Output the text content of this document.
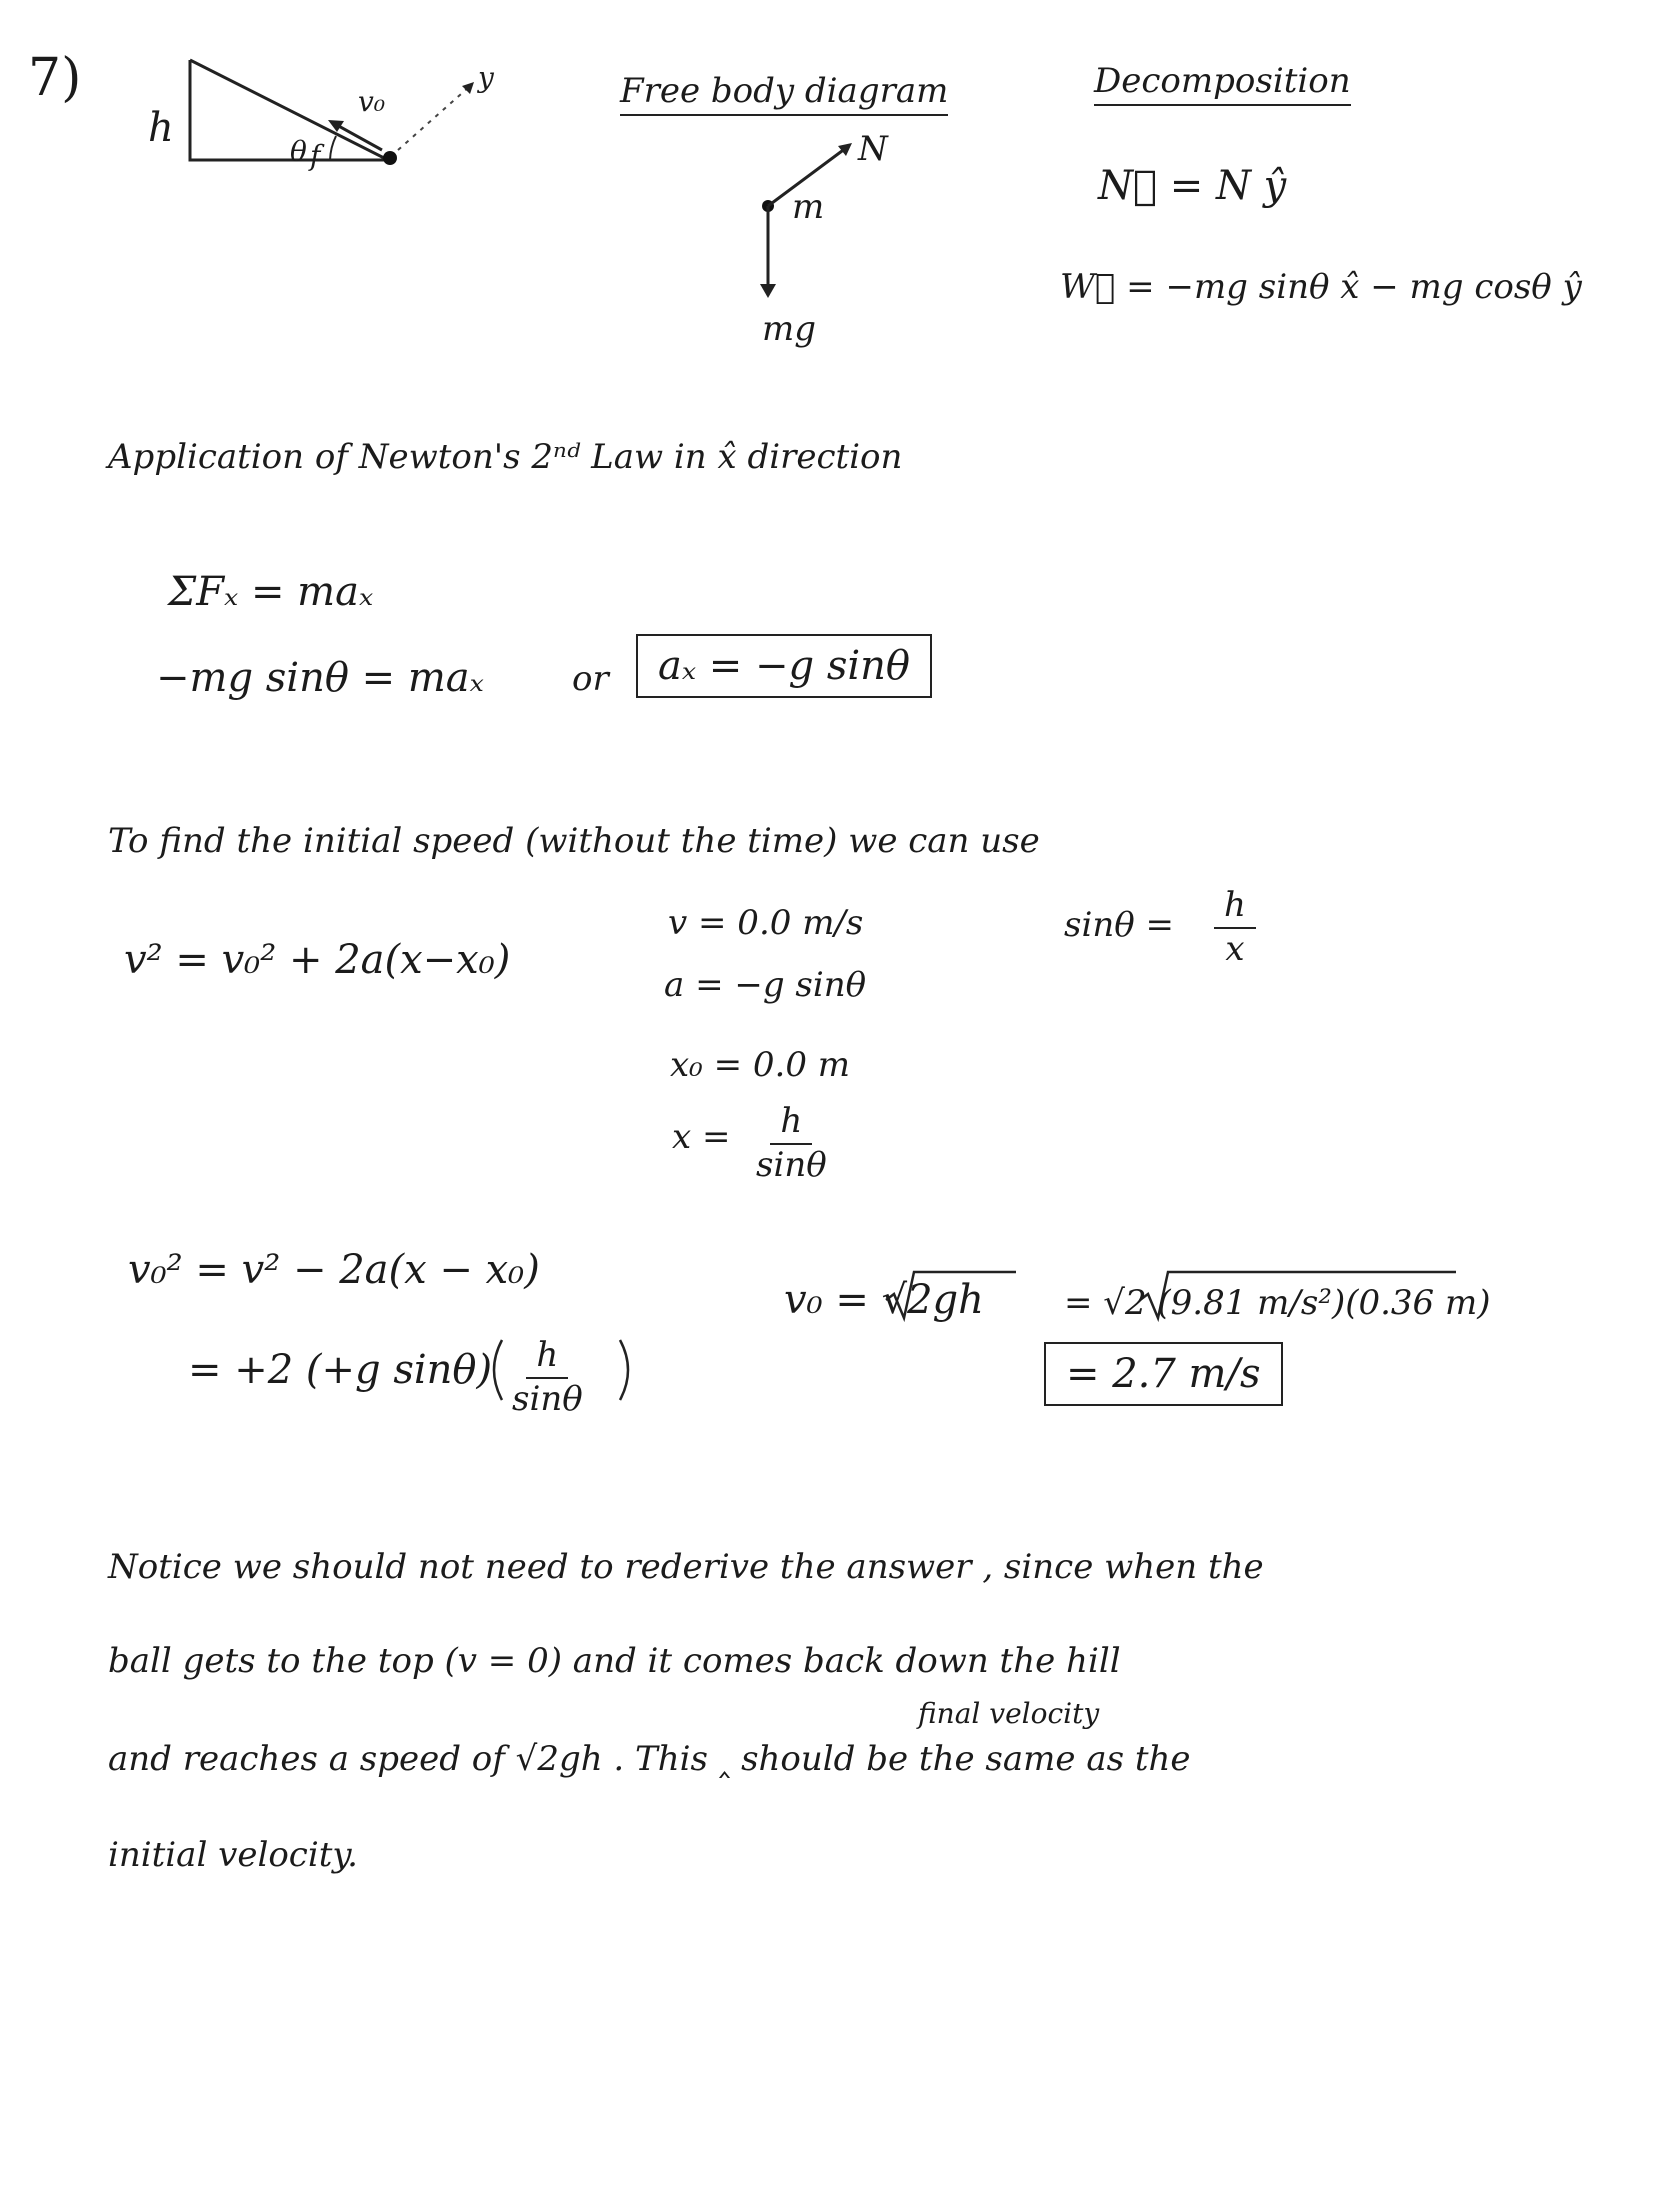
7)
h
θ f
v₀
y	Free body diagram
N
m
mg
Decomposition
N⃗ = N ŷ
W⃗ = −mg sinθ x̂ − mg cosθ ŷ
Application of Newton's 2ⁿᵈ Law in x̂ direction
ΣFₓ = maₓ
−mg sinθ = maₓ	or	aₓ = −g sinθ
To find the initial speed (without the time) we can use
v² = v₀² + 2a(x−x₀)
v = 0.0 m/s
a = −g sinθ
x₀ = 0.0 m
$x = \frac{h}{\sin\theta}$
$\sin\theta = \frac{h}{x}$
v₀² = v² − 2a(x − x₀)
= +2 (+g $\sin\theta) \frac{h}{\sin\theta}$
v₀ = √2gh = √2 (9.81 m/s²)(0.36 m)
= 2.7 m/s
Notice we should not need to rederive the answer , since when the
ball gets to the top (v = 0) and it comes back down the hill
final velocity
and reaches a speed of √2gh . This ‸ should be the same as the
initial velocity.
